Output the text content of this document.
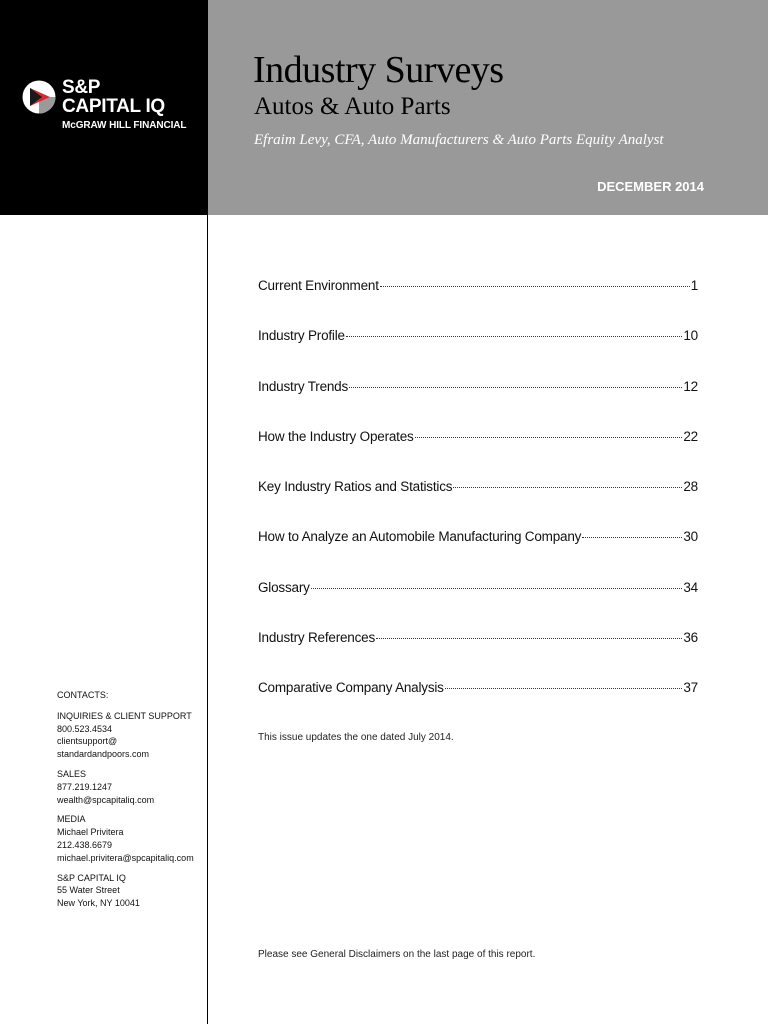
S&P
CAPITAL IQ
McGRAW HILL FINANCIAL
Industry Surveys
Autos & Auto Parts
Efraim Levy, CFA, Auto Manufacturers & Auto Parts Equity Analyst
DECEMBER 2014
Current Environment	1
Industry Profile	10
Industry Trends	12
How the Industry Operates	22
Key Industry Ratios and Statistics	28
How to Analyze an Automobile Manufacturing Company	30
Glossary	34
Industry References	36
Comparative Company Analysis	37
This issue updates the one dated July 2014.
Please see General Disclaimers on the last page of this report.
CONTACTS:
INQUIRIES & CLIENT SUPPORT
800.523.4534
clientsupport@
standardandpoors.com
SALES
877.219.1247
wealth@spcapitaliq.com
MEDIA
Michael Privitera
212.438.6679
michael.privitera@spcapitaliq.com
S&P CAPITAL IQ
55 Water Street
New York, NY 10041
